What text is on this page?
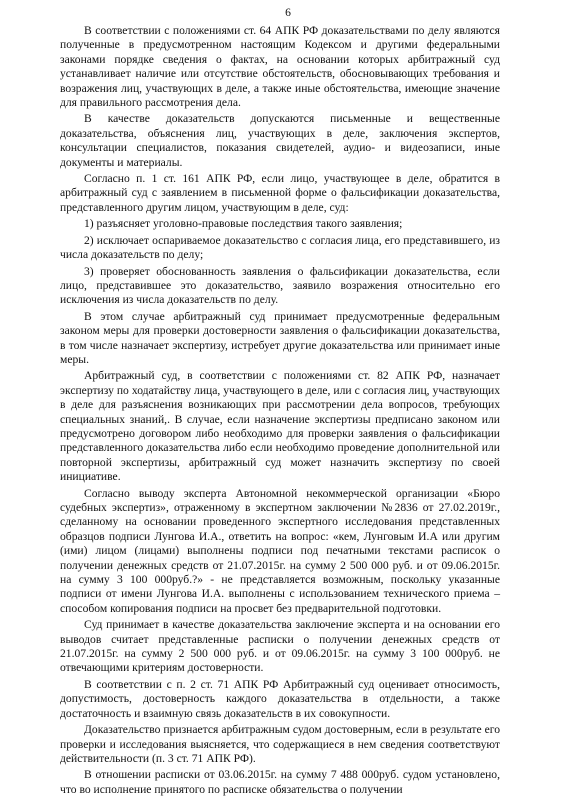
6

В соответствии с положениями ст. 64 АПК РФ доказательствами по делу являются полученные в предусмотренном настоящим Кодексом и другими федеральными законами порядке сведения о фактах, на основании которых арбитражный суд устанавливает наличие или отсутствие обстоятельств, обосновывающих требования и возражения лиц, участвующих в деле, а также иные обстоятельства, имеющие значение для правильного рассмотрения дела.

В качестве доказательств допускаются письменные и вещественные доказательства, объяснения лиц, участвующих в деле, заключения экспертов, консультации специалистов, показания свидетелей, аудио- и видеозаписи, иные документы и материалы.

Согласно п. 1 ст. 161 АПК РФ, если лицо, участвующее в деле, обратится в арбитражный суд с заявлением в письменной форме о фальсификации доказательства, представленного другим лицом, участвующим в деле, суд:

1) разъясняет уголовно-правовые последствия такого заявления;

2) исключает оспариваемое доказательство с согласия лица, его представившего, из числа доказательств по делу;

3) проверяет обоснованность заявления о фальсификации доказательства, если лицо, представившее это доказательство, заявило возражения относительно его исключения из числа доказательств по делу.

В этом случае арбитражный суд принимает предусмотренные федеральным законом меры для проверки достоверности заявления о фальсификации доказательства, в том числе назначает экспертизу, истребует другие доказательства или принимает иные меры.

Арбитражный суд, в соответствии с положениями ст. 82 АПК РФ, назначает экспертизу по ходатайству лица, участвующего в деле, или с согласия лиц, участвующих в деле для разъяснения возникающих при рассмотрении дела вопросов, требующих специальных знаний,. В случае, если назначение экспертизы предписано законом или предусмотрено договором либо необходимо для проверки заявления о фальсификации представленного доказательства либо если необходимо проведение дополнительной или повторной экспертизы, арбитражный суд может назначить экспертизу по своей инициативе.

Согласно выводу эксперта Автономной некоммерческой организации «Бюро судебных экспертиз», отраженному в экспертном заключении №2836 от 27.02.2019г., сделанному на основании проведенного экспертного исследования представленных образцов подписи Лунгова И.А., ответить на вопрос: «кем, Лунговым И.А или другим (ими) лицом (лицами) выполнены подписи под печатными текстами расписок о получении денежных средств от 21.07.2015г. на сумму 2 500 000 руб. и от 09.06.2015г. на сумму 3 100 000руб.?» - не представляется возможным, поскольку указанные подписи от имени Лунгова И.А. выполнены с использованием технического приема – способом копирования подписи на просвет без предварительной подготовки.

Суд принимает в качестве доказательства заключение эксперта и на основании его выводов считает представленные расписки о получении денежных средств от 21.07.2015г. на сумму 2 500 000 руб. и от 09.06.2015г. на сумму 3 100 000руб. не отвечающими критериям достоверности.

В соответствии с п. 2 ст. 71 АПК РФ Арбитражный суд оценивает относимость, допустимость, достоверность каждого доказательства в отдельности, а также достаточность и взаимную связь доказательств в их совокупности.

Доказательство признается арбитражным судом достоверным, если в результате его проверки и исследования выясняется, что содержащиеся в нем сведения соответствуют действительности (п. 3 ст. 71 АПК РФ).

В отношении расписки от 03.06.2015г. на сумму 7 488 000руб. судом установлено, что во исполнение принятого по расписке обязательства о получении
